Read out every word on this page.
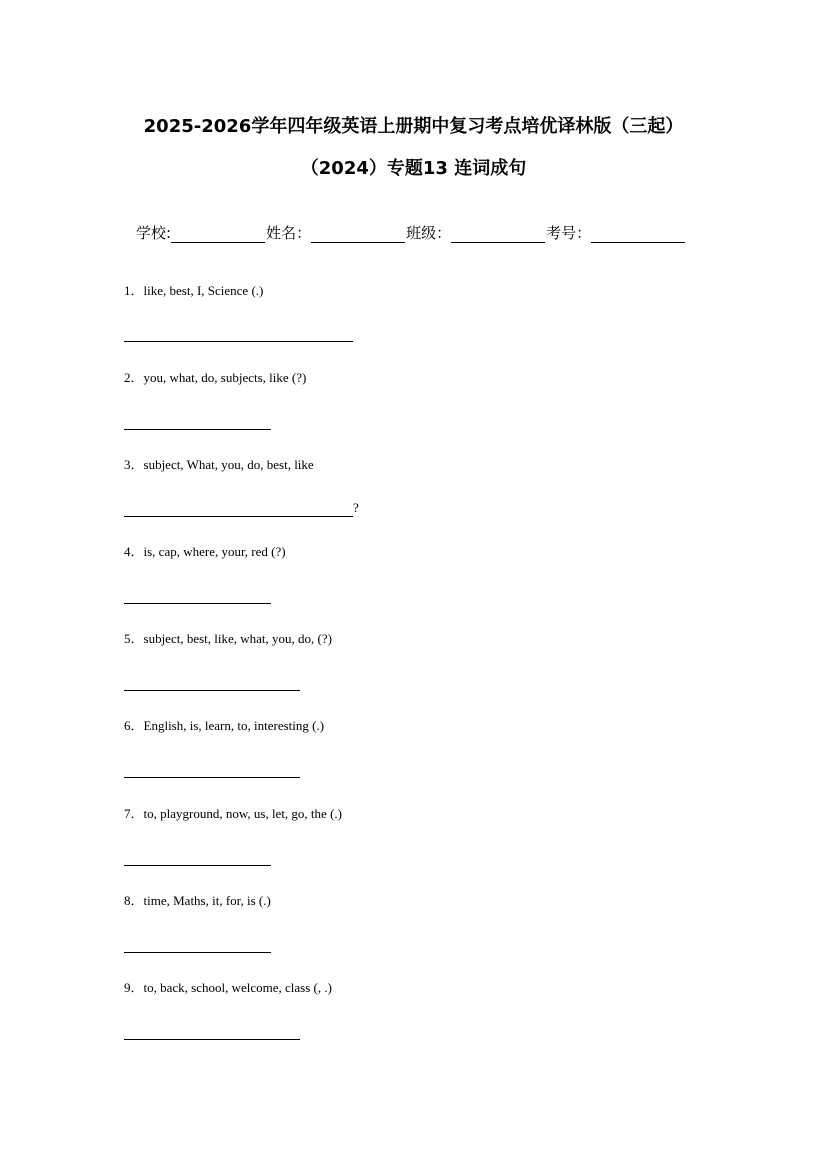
2025-2026学年四年级英语上册期中复习考点培优译林版（三起）
（2024）专题13 连词成句
学校:	姓名：	班级：	考号：
1．like, best, I, Science (.)
2．you, what, do, subjects, like (?)
3．subject, What, you, do, best, like
?
4．is, cap, where, your, red (?)
5．subject, best, like, what, you, do, (?)
6．English, is, learn, to, interesting (.)
7．to, playground, now, us, let, go, the (.)
8．time, Maths, it, for, is (.)
9．to, back, school, welcome, class (, .)
